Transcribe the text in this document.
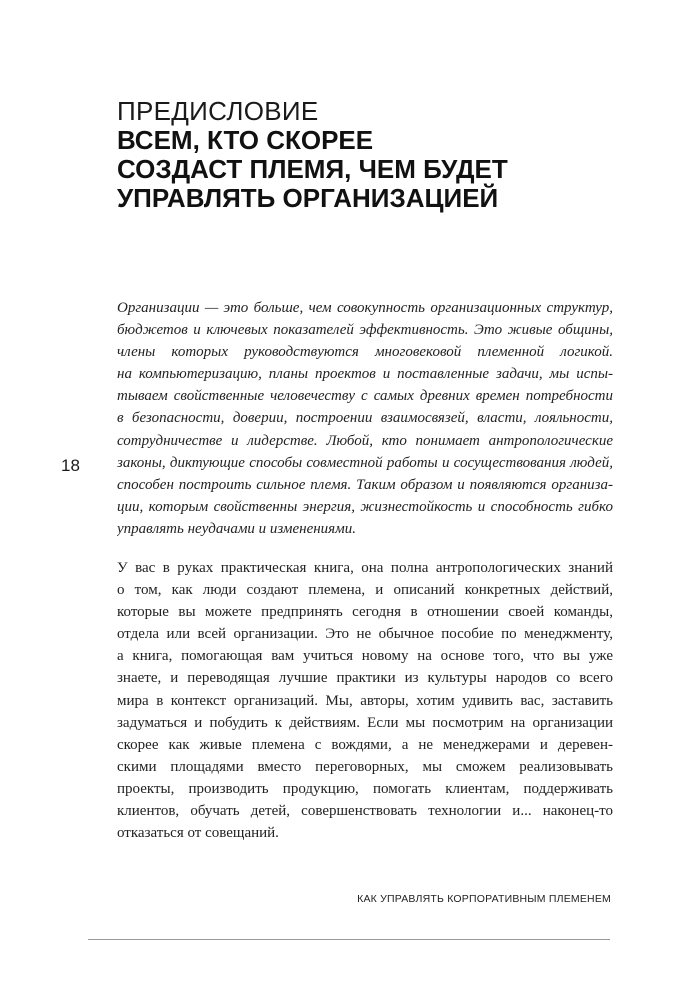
ПРЕДИСЛОВИЕ
ВСЕМ, КТО СКОРЕЕ
СОЗДАСТ ПЛЕМЯ, ЧЕМ БУДЕТ
УПРАВЛЯТЬ ОРГАНИЗАЦИЕЙ
18
Организации — это больше, чем совокупность организационных структур,
бюджетов и ключевых показателей эффективность. Это живые общины,
члены которых руководствуются многовековой племенной логикой.
на компьютеризацию, планы проектов и поставленные задачи, мы испы-
тываем свойственные человечеству с самых древних времен потребности
в безопасности, доверии, построении взаимосвязей, власти, лояльности,
сотрудничестве и лидерстве. Любой, кто понимает антропологические
законы, диктующие способы совместной работы и сосуществования людей,
способен построить сильное племя. Таким образом и появляются организа-
ции, которым свойственны энергия, жизнестойкость и способность гибко
управлять неудачами и изменениями.
У вас в руках практическая книга, она полна антропологических знаний
о том, как люди создают племена, и описаний конкретных действий,
которые вы можете предпринять сегодня в отношении своей команды,
отдела или всей организации. Это не обычное пособие по менеджменту,
а книга, помогающая вам учиться новому на основе того, что вы уже
знаете, и переводящая лучшие практики из культуры народов со всего
мира в контекст организаций. Мы, авторы, хотим удивить вас, заставить
задуматься и побудить к действиям. Если мы посмотрим на организации
скорее как живые племена с вождями, а не менеджерами и деревен-
скими площадями вместо переговорных, мы сможем реализовывать
проекты, производить продукцию, помогать клиентам, поддерживать
клиентов, обучать детей, совершенствовать технологии и... наконец-то
отказаться от совещаний.
КАК УПРАВЛЯТЬ КОРПОРАТИВНЫМ ПЛЕМЕНЕМ
